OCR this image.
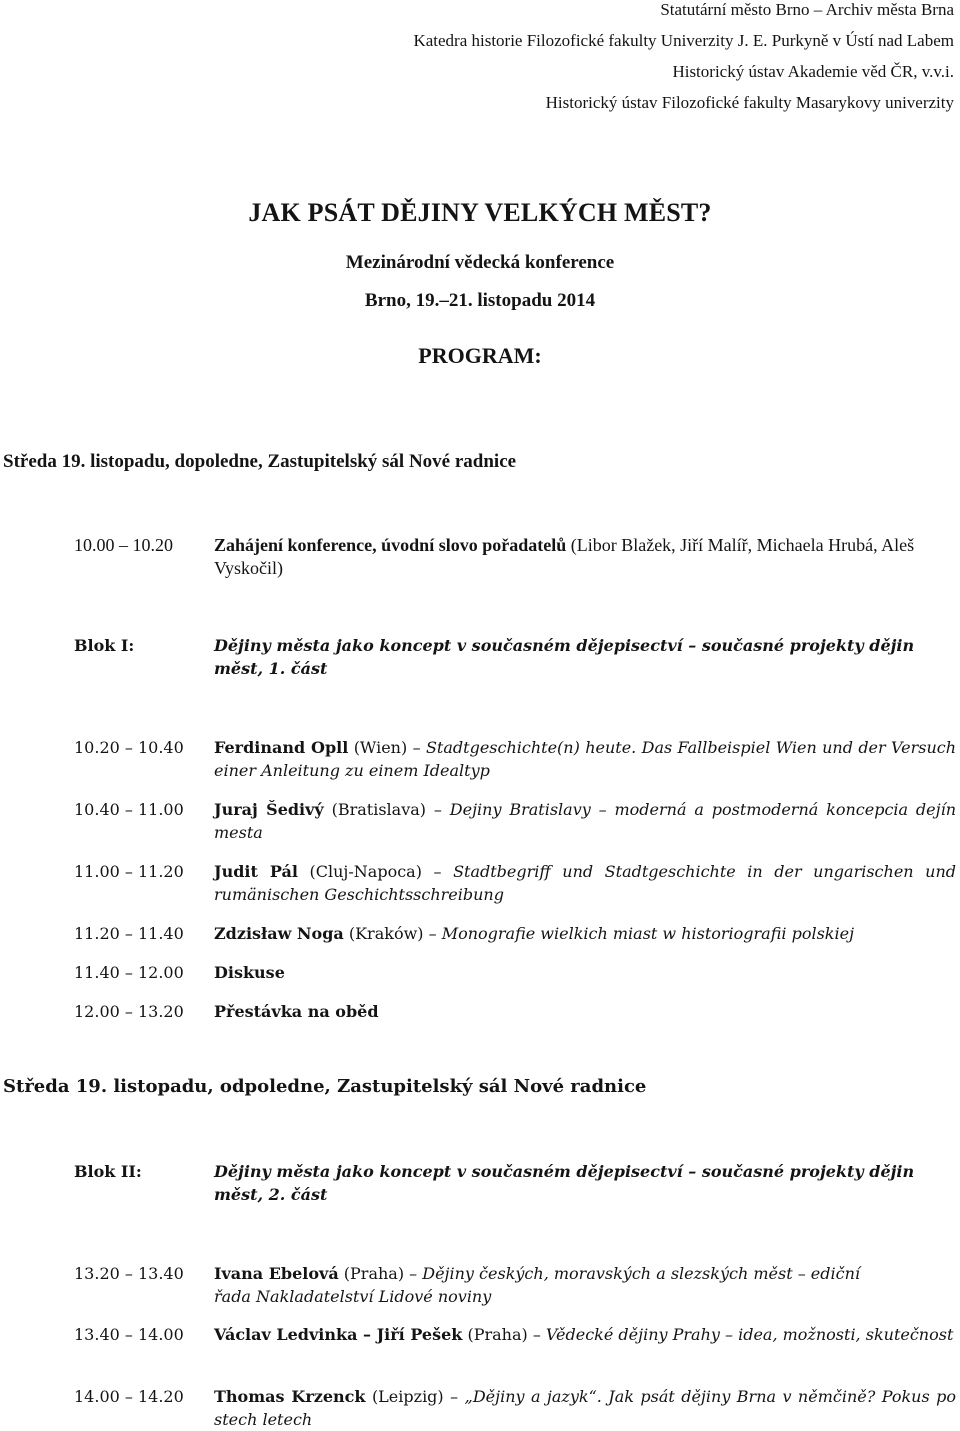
Statutární město Brno – Archiv města Brna
Katedra historie Filozofické fakulty Univerzity J. E. Purkyně v Ústí nad Labem
Historický ústav Akademie věd ČR, v.v.i.
Historický ústav Filozofické fakulty Masarykovy univerzity
JAK PSÁT DĚJINY VELKÝCH MĚST?
Mezinárodní vědecká konference
Brno, 19.–21. listopadu 2014
PROGRAM:
Středa 19. listopadu, dopoledne, Zastupitelský sál Nové radnice
10.00 – 10.20	Zahájení konference, úvodní slovo pořadatelů (Libor Blažek, Jiří Malíř, Michaela Hrubá, Aleš Vyskočil)
Blok I:	Dějiny města jako koncept v současném dějepisectví – současné projekty dějin měst, 1. část
10.20 – 10.40	Ferdinand Opll (Wien) – Stadtgeschichte(n) heute. Das Fallbeispiel Wien und der Versuch einer Anleitung zu einem Idealtyp
10.40 – 11.00	Juraj Šedivý (Bratislava) – Dejiny Bratislavy – moderná a postmoderná koncepcia dejín mesta
11.00 – 11.20	Judit Pál (Cluj-Napoca) – Stadtbegriff und Stadtgeschichte in der ungarischen und rumänischen Geschichtsschreibung
11.20 – 11.40	Zdzisław Noga (Kraków) – Monografie wielkich miast w historiografii polskiej
11.40 – 12.00	Diskuse
12.00 – 13.20	Přestávka na oběd
Středa 19. listopadu, odpoledne, Zastupitelský sál Nové radnice
Blok II:	Dějiny města jako koncept v současném dějepisectví – současné projekty dějin měst, 2. část
13.20 – 13.40	Ivana Ebelová (Praha) – Dějiny českých, moravských a slezských měst – ediční řada Nakladatelství Lidové noviny
13.40 – 14.00	Václav Ledvinka – Jiří Pešek (Praha) – Vědecké dějiny Prahy – idea, možnosti, skutečnost
14.00 – 14.20	Thomas Krzenck (Leipzig) – „Dějiny a jazyk“. Jak psát dějiny Brna v němčině? Pokus po stech letech
